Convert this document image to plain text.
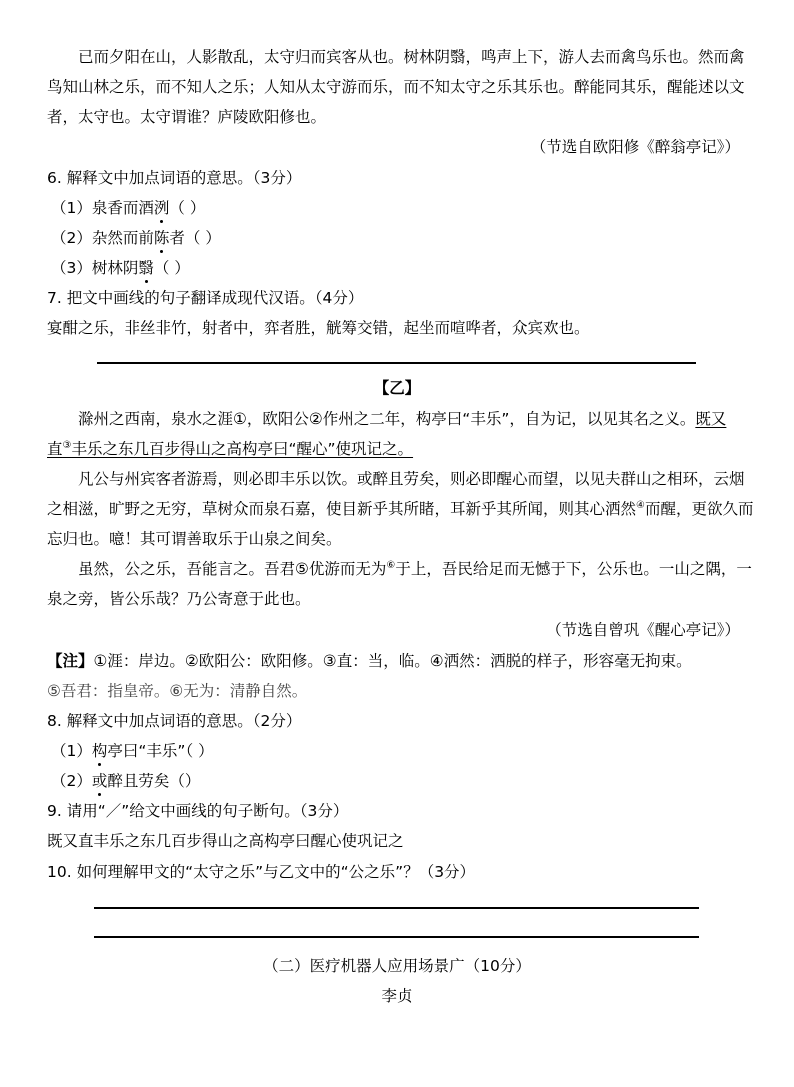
已而夕阳在山，人影散乱，太守归而宾客从也。树林阴翳，鸣声上下，游人去而禽鸟乐也。然而禽
鸟知山林之乐，而不知人之乐；人知从太守游而乐，而不知太守之乐其乐也。醉能同其乐，醒能述以文
者，太守也。太守谓谁？庐陵欧阳修也。
（节选自欧阳修《醉翁亭记》）
6. 解释文中加点词语的意思。（3分）
（1）泉香而酒洌（ ）
（2）杂然而前陈者（ ）
（3）树林阴翳（ ）
7. 把文中画线的句子翻译成现代汉语。（4分）
宴酣之乐，非丝非竹，射者中，弈者胜，觥筹交错，起坐而喧哗者，众宾欢也。
【乙】
滁州之西南，泉水之涯①，欧阳公②作州之二年，构亭曰“丰乐”，自为记，以见其名之义。既又
直③丰乐之东几百步得山之高构亭曰“醒心”使巩记之。
凡公与州宾客者游焉，则必即丰乐以饮。或醉且劳矣，则必即醒心而望，以见夫群山之相环，云烟
之相滋，旷野之无穷，草树众而泉石嘉，使目新乎其所睹，耳新乎其所闻，则其心洒然④而醒，更欲久而
忘归也。噫！其可谓善取乐于山泉之间矣。
虽然，公之乐，吾能言之。吾君⑤优游而无为⑥于上，吾民给足而无憾于下，公乐也。一山之隅，一
泉之旁，皆公乐哉？乃公寄意于此也。
（节选自曾巩《醒心亭记》）
【注】①涯：岸边。②欧阳公：欧阳修。③直：当，临。④洒然：洒脱的样子，形容毫无拘束。
⑤吾君：指皇帝。⑥无为：清静自然。
8. 解释文中加点词语的意思。（2分）
（1）构亭曰“丰乐”（ ）
（2）或醉且劳矣（）
9. 请用“／”给文中画线的句子断句。（3分）
既又直丰乐之东几百步得山之高构亭曰醒心使巩记之
10. 如何理解甲文的“太守之乐”与乙文中的“公之乐”？（3分）
（二）医疗机器人应用场景广（10分）
李贞
